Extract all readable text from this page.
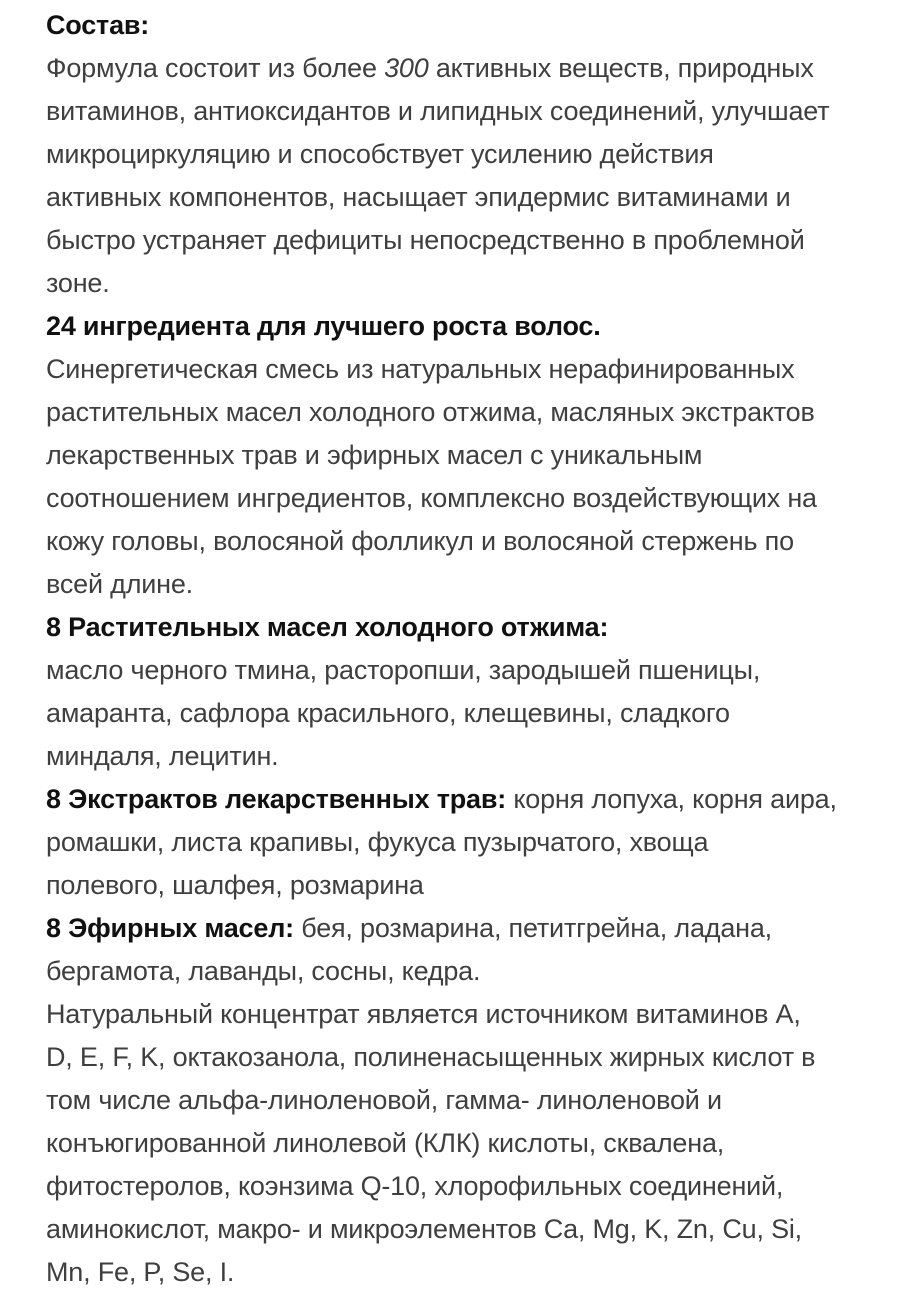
Состав:
Формула состоит из более 300 активных веществ, природных
витаминов, антиоксидантов и липидных соединений, улучшает
микроциркуляцию и способствует усилению действия
активных компонентов, насыщает эпидермис витаминами и
быстро устраняет дефициты непосредственно в проблемной
зоне.
24 ингредиента для лучшего роста волос.
Синергетическая смесь из натуральных нерафинированных
растительных масел холодного отжима, масляных экстрактов
лекарственных трав и эфирных масел с уникальным
соотношением ингредиентов, комплексно воздействующих на
кожу головы, волосяной фолликул и волосяной стержень по
всей длине.
8 Растительных масел холодного отжима:
масло черного тмина, расторопши, зародышей пшеницы,
амаранта, сафлора красильного, клещевины, сладкого
миндаля, лецитин.
8 Экстрактов лекарственных трав: корня лопуха, корня аира,
ромашки, листа крапивы, фукуса пузырчатого, хвоща
полевого, шалфея, розмарина
8 Эфирных масел: бея, розмарина, петитгрейна, ладана,
бергамота, лаванды, сосны, кедра.
Натуральный концентрат является источником витаминов A,
D, E, F, K, октакозанола, полиненасыщенных жирных кислот в
том числе альфа-линоленовой, гамма- линоленовой и
конъюгированной линолевой (КЛК) кислоты, сквалена,
фитостеролов, коэнзима Q-10, хлорофильных соединений,
аминокислот, макро- и микроэлементов Ca, Mg, K, Zn, Cu, Si,
Mn, Fe, P, Se, I.
